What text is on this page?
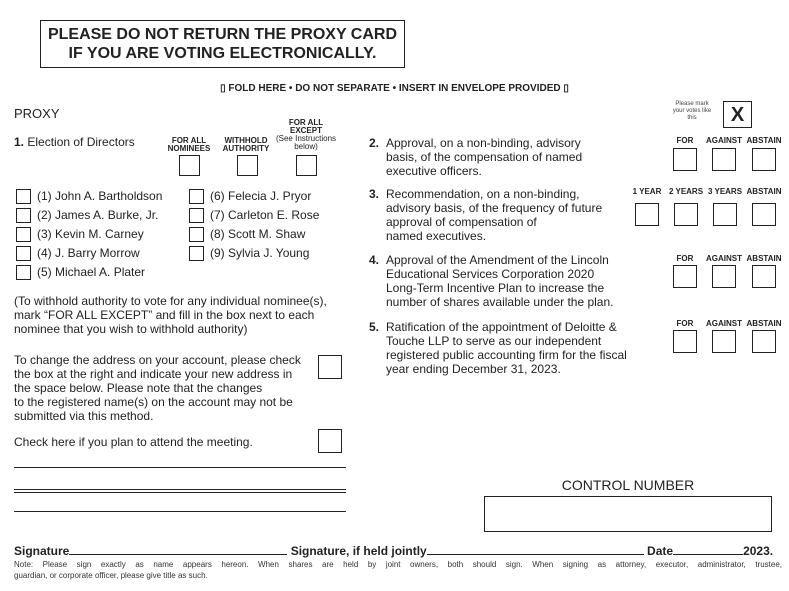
PLEASE DO NOT RETURN THE PROXY CARD
IF YOU ARE VOTING ELECTRONICALLY.
▯ FOLD HERE • DO NOT SEPARATE • INSERT IN ENVELOPE PROVIDED ▯
PROXY
Please mark your votes like this	X
1. Election of Directors	FOR ALL
NOMINEES
WITHHOLD
AUTHORITY
FOR ALL
EXCEPT
(See Instructions
below)
(1) John A. Bartholdson
(2) James A. Burke, Jr.
(3) Kevin M. Carney
(4) J. Barry Morrow
(5) Michael A. Plater
(6) Felecia J. Pryor
(7) Carleton E. Rose
(8) Scott M. Shaw
(9) Sylvia J. Young
(To withhold authority to vote for any individual nominee(s),
mark “FOR ALL EXCEPT” and fill in the box next to each
nominee that you wish to withhold authority)
To change the address on your account, please check
the box at the right and indicate your new address in
the space below. Please note that the changes
to the registered name(s) on the account may not be
submitted via this method.
Check here if you plan to attend the meeting.
2. Approval, on a non-binding, advisory
basis, of the compensation of named
executive officers.
FOR	AGAINST ABSTAIN
3. Recommendation, on a non-binding,
advisory basis, of the frequency of future
approval of compensation of
named executives.
1 YEAR 2 YEARS 3 YEARS ABSTAIN
4. Approval of the Amendment of the Lincoln
Educational Services Corporation 2020
Long-Term Incentive Plan to increase the
number of shares available under the plan.
FOR	AGAINST ABSTAIN
5. Ratification of the appointment of Deloitte &
Touche LLP to serve as our independent
registered public accounting firm for the fiscal
year ending December 31, 2023.
FOR	AGAINST ABSTAIN
CONTROL NUMBER
Signature	Signature, if held jointly	Date	2023.
Note: Please sign exactly as name appears hereon. When shares are held by joint owners, both should sign. When signing as attorney, executor, administrator, trustee,
guardian, or corporate officer, please give title as such.
